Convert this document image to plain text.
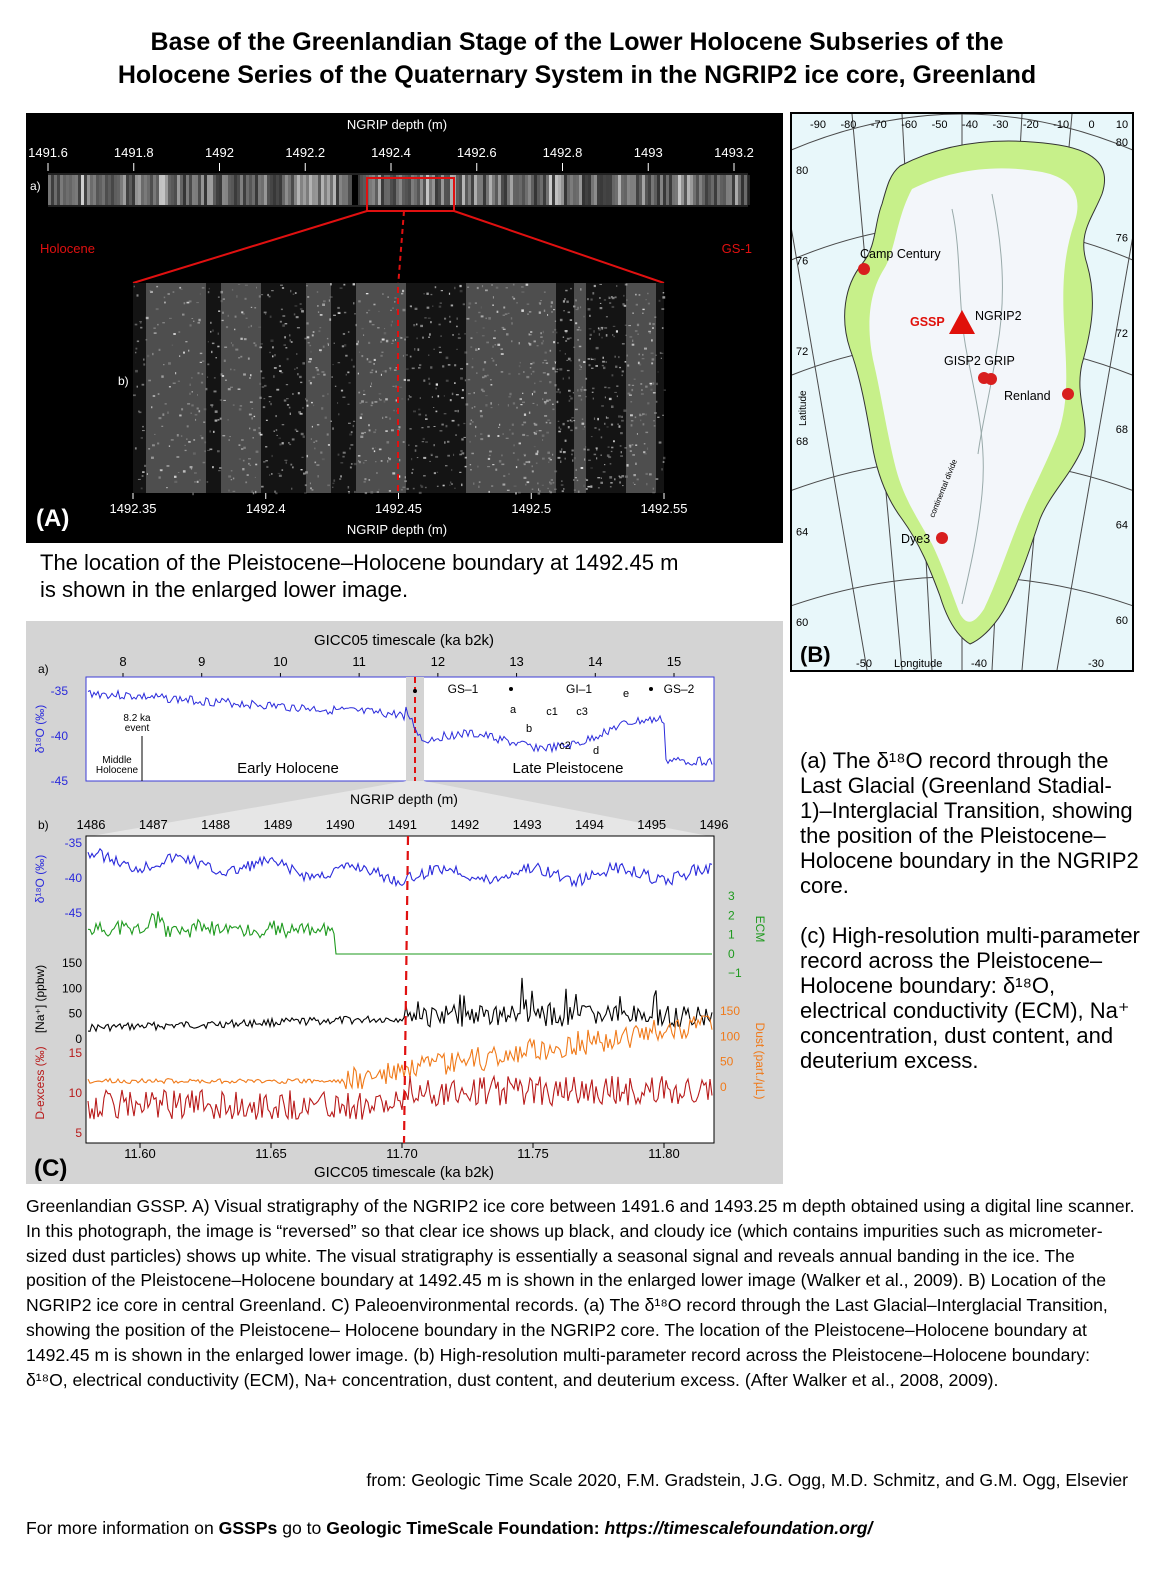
Base of the Greenlandian Stage of the Lower Holocene Subseries of the
Holocene Series of the Quaternary System in the NGRIP2 ice core, Greenland
NGRIP depth (m)
1491.6	1491.8	1492	1492.2	1492.4	1492.6	1492.8	1493	1493.2
a)
Holocene	GS-1
b)
1492.35	1492.4	1492.45	1492.5	1492.55
NGRIP depth (m)
(A)
The location of the Pleistocene–Holocene boundary at 1492.45 m
is shown in the enlarged lower image.
-90 -80 -70 -60 -50 -40 -30 -20 -10 0 10
80
76
72
68
64
60
80
76
72
68
64
60
-50	-40	-30
Latitude
Longitude
Camp Century
GSSP NGRIP2
GISP2 GRIP
Renland
continental divide
Dye3
(B)
GICC05 timescale (ka b2k)
8	9	10	11	12	13	14	15
a)
-35
-40
-45
δ¹⁸O (‰)
GS–1	GI–1	GS–2
8.2 ka
event
Middle
Holocene	Early Holocene	Late Pleistocene
a
b
c1
c2
c3
d
e
NGRIP depth (m)
b) 1486	1487	1488	1489	1490	1491	1492	1493	1494	1495	1496
-35
-40
-45
δ¹⁸O (‰)	3
2
1
0
−1
ECM
150
100
50
0
[Na⁺] (ppbw)	150
100
50
0 Dust (part./µL)
15
10
5
D-excess (‰)
11.60	11.65	11.70	11.75	11.80
GICC05 timescale (ka b2k)
(C)

(a) The δ¹⁸O record through the Last Glacial (Greenland Stadial-1)–Interglacial Transition, showing the position of the Pleistocene–Holocene boundary in the NGRIP2 core.

(c) High-resolution multi-parameter record across the Pleistocene–Holocene boundary: δ¹⁸O, electrical conductivity (ECM), Na⁺ concentration, dust content, and deuterium excess.

Greenlandian GSSP. A) Visual stratigraphy of the NGRIP2 ice core between 1491.6 and 1493.25 m depth obtained using a digital line scanner. In this photograph, the image is “reversed” so that clear ice shows up black, and cloudy ice (which contains impurities such as micrometer-sized dust particles) shows up white. The visual stratigraphy is essentially a seasonal signal and reveals annual banding in the ice. The position of the Pleistocene–Holocene boundary at 1492.45 m is shown in the enlarged lower image (Walker et al., 2009). B) Location of the NGRIP2 ice core in central Greenland. C) Paleoenvironmental records. (a) The δ¹⁸O record through the Last Glacial–Interglacial Transition, showing the position of the Pleistocene– Holocene boundary in the NGRIP2 core. The location of the Pleistocene–Holocene boundary at 1492.45 m is shown in the enlarged lower image. (b) High-resolution multi-parameter record across the Pleistocene–Holocene boundary: δ¹⁸O, electrical conductivity (ECM), Na+ concentration, dust content, and deuterium excess. (After Walker et al., 2008, 2009).
from: Geologic Time Scale 2020, F.M. Gradstein, J.G. Ogg, M.D. Schmitz, and G.M. Ogg, Elsevier
For more information on GSSPs go to Geologic TimeScale Foundation: https://timescalefoundation.org/
